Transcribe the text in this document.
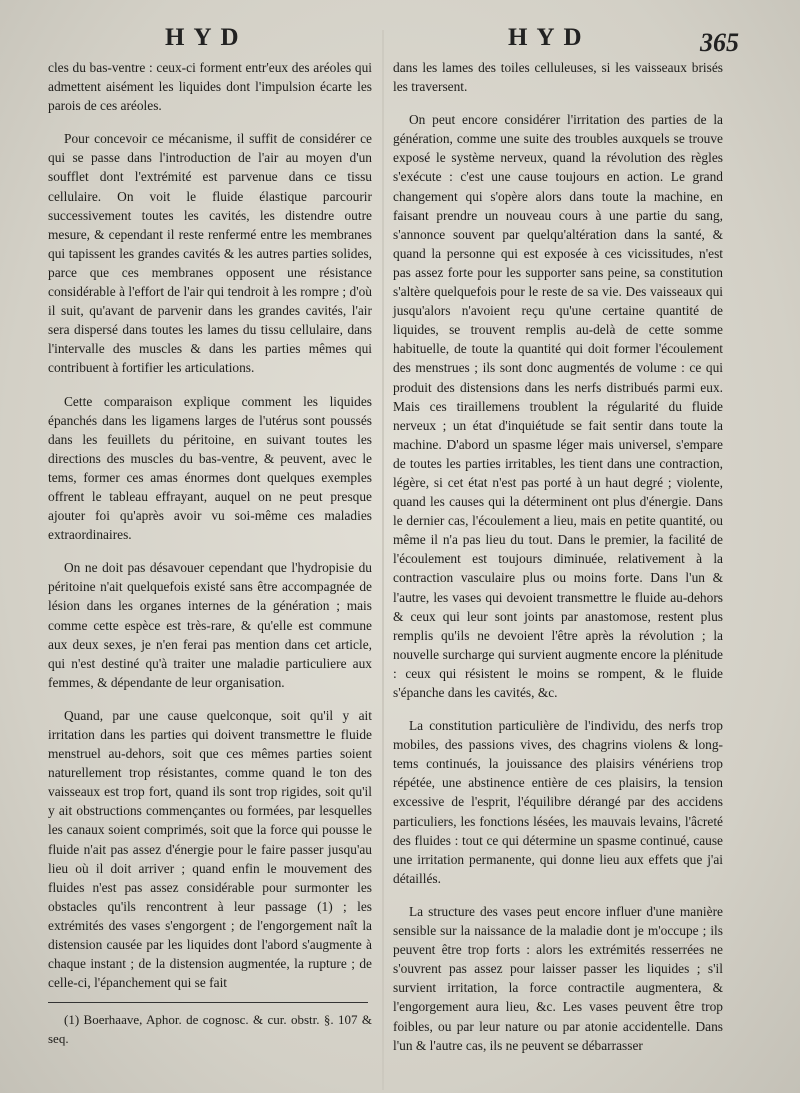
HYD	HYD	365

cles du bas-ventre : ceux-ci forment entr'eux des aréoles qui admettent aisément les liquides dont l'impulsion écarte les parois de ces aréoles.

Pour concevoir ce mécanisme, il suffit de considérer ce qui se passe dans l'introduction de l'air au moyen d'un soufflet dont l'extrémité est parvenue dans ce tissu cellulaire. On voit le fluide élastique parcourir successivement toutes les cavités, les distendre outre mesure, & cependant il reste renfermé entre les membranes qui tapissent les grandes cavités & les autres parties solides, parce que ces membranes opposent une résistance considérable à l'effort de l'air qui tendroit à les rompre ; d'où il suit, qu'avant de parvenir dans les grandes cavités, l'air sera dispersé dans toutes les lames du tissu cellulaire, dans l'intervalle des muscles & dans les parties mêmes qui contribuent à fortifier les articulations.

Cette comparaison explique comment les liquides épanchés dans les ligamens larges de l'utérus sont poussés dans les feuillets du péritoine, en suivant toutes les directions des muscles du bas-ventre, & peuvent, avec le tems, former ces amas énormes dont quelques exemples offrent le tableau effrayant, auquel on ne peut presque ajouter foi qu'après avoir vu soi-même ces maladies extraordinaires.

On ne doit pas désavouer cependant que l'hydropisie du péritoine n'ait quelquefois existé sans être accompagnée de lésion dans les organes internes de la génération ; mais comme cette espèce est très-rare, & qu'elle est commune aux deux sexes, je n'en ferai pas mention dans cet article, qui n'est destiné qu'à traiter une maladie particuliere aux femmes, & dépendante de leur organisation.

Quand, par une cause quelconque, soit qu'il y ait irritation dans les parties qui doivent transmettre le fluide menstruel au-dehors, soit que ces mêmes parties soient naturellement trop résistantes, comme quand le ton des vaisseaux est trop fort, quand ils sont trop rigides, soit qu'il y ait obstructions commençantes ou formées, par lesquelles les canaux soient comprimés, soit que la force qui pousse le fluide n'ait pas assez d'énergie pour le faire passer jusqu'au lieu où il doit arriver ; quand enfin le mouvement des fluides n'est pas assez considérable pour surmonter les obstacles qu'ils rencontrent à leur passage (1) ; les extrémités des vases s'engorgent ; de l'engorgement naît la distension causée par les liquides dont l'abord s'augmente à chaque instant ; de la distension augmentée, la rupture ; de celle-ci, l'épanchement qui se fait

(1) Boerhaave, Aphor. de cognosc. & cur. obstr. §. 107 & seq.

dans les lames des toiles celluleuses, si les vaisseaux brisés les traversent.

On peut encore considérer l'irritation des parties de la génération, comme une suite des troubles auxquels se trouve exposé le système nerveux, quand la révolution des règles s'exécute : c'est une cause toujours en action. Le grand changement qui s'opère alors dans toute la machine, en faisant prendre un nouveau cours à une partie du sang, s'annonce souvent par quelqu'altération dans la santé, & quand la personne qui est exposée à ces vicissitudes, n'est pas assez forte pour les supporter sans peine, sa constitution s'altère quelquefois pour le reste de sa vie. Des vaisseaux qui jusqu'alors n'avoient reçu qu'une certaine quantité de liquides, se trouvent remplis au-delà de cette somme habituelle, de toute la quantité qui doit former l'écoulement des menstrues ; ils sont donc augmentés de volume : ce qui produit des distensions dans les nerfs distribués parmi eux. Mais ces tiraillemens troublent la régularité du fluide nerveux ; un état d'inquiétude se fait sentir dans toute la machine. D'abord un spasme léger mais universel, s'empare de toutes les parties irritables, les tient dans une contraction, légère, si cet état n'est pas porté à un haut degré ; violente, quand les causes qui la déterminent ont plus d'énergie. Dans le dernier cas, l'écoulement a lieu, mais en petite quantité, ou même il n'a pas lieu du tout. Dans le premier, la facilité de l'écoulement est toujours diminuée, relativement à la contraction vasculaire plus ou moins forte. Dans l'un & l'autre, les vases qui devoient transmettre le fluide au-dehors & ceux qui leur sont joints par anastomose, restent plus remplis qu'ils ne devoient l'être après la révolution ; la nouvelle surcharge qui survient augmente encore la plénitude : ceux qui résistent le moins se rompent, & le fluide s'épanche dans les cavités, &c.

La constitution particulière de l'individu, des nerfs trop mobiles, des passions vives, des chagrins violens & long-tems continués, la jouissance des plaisirs vénériens trop répétée, une abstinence entière de ces plaisirs, la tension excessive de l'esprit, l'équilibre dérangé par des accidens particuliers, les fonctions lésées, les mauvais levains, l'âcreté des fluides : tout ce qui détermine un spasme continué, cause une irritation permanente, qui donne lieu aux effets que j'ai détaillés.

La structure des vases peut encore influer d'une manière sensible sur la naissance de la maladie dont je m'occupe ; ils peuvent être trop forts : alors les extrémités resserrées ne s'ouvrent pas assez pour laisser passer les liquides ; s'il survient irritation, la force contractile augmentera, & l'engorgement aura lieu, &c. Les vases peuvent être trop foibles, ou par leur nature ou par atonie accidentelle. Dans l'un & l'autre cas, ils ne peuvent se débarrasser
